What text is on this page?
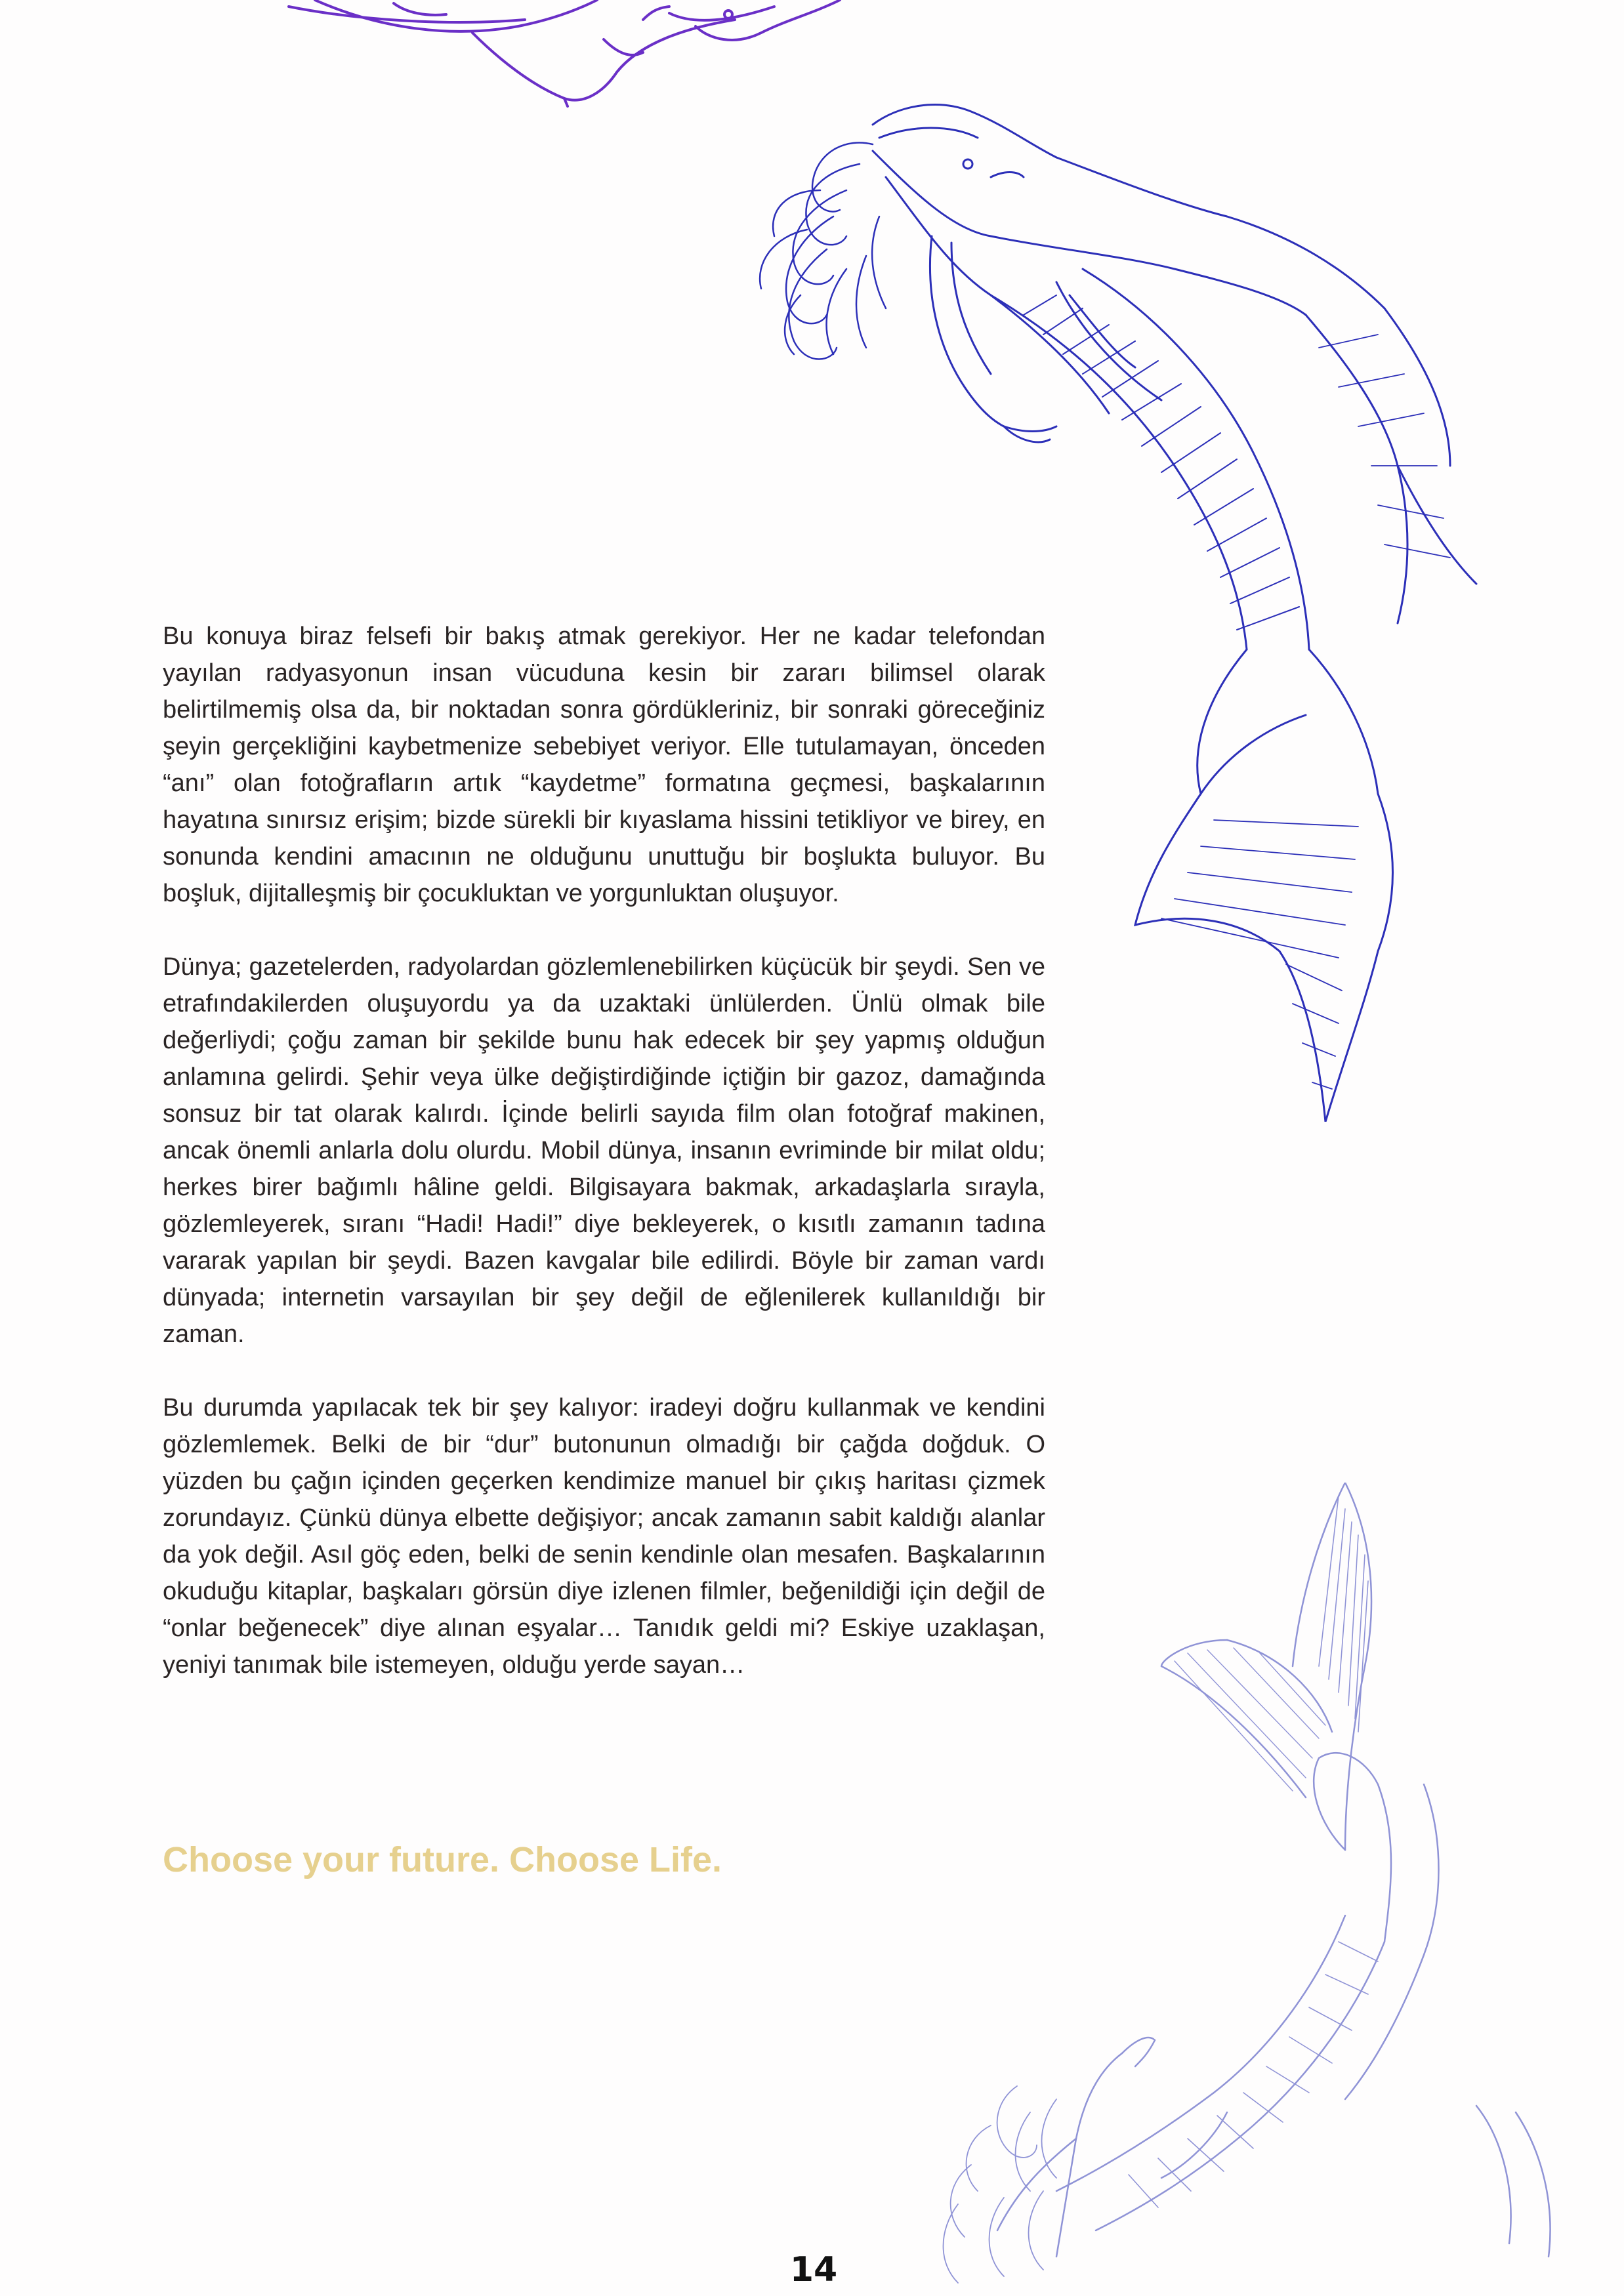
Bu konuya biraz felsefi bir bakış atmak gerekiyor. Her ne kadar telefondan yayılan radyasyonun insan vücuduna kesin bir zararı bilimsel olarak belirtilmemiş olsa da, bir noktadan sonra gördükleriniz, bir sonraki göreceğiniz şeyin gerçekliğini kaybetmenize sebebiyet veriyor. Elle tutulamayan, önceden “anı” olan fotoğrafların artık “kaydetme” formatına geçmesi, başkalarının hayatına sınırsız erişim; bizde sürekli bir kıyaslama hissini tetikliyor ve birey, en sonunda kendini amacının ne olduğunu unuttuğu bir boşlukta buluyor. Bu boşluk, dijitalleşmiş bir çocukluktan ve yorgunluktan oluşuyor.

Dünya; gazetelerden, radyolardan gözlemlenebilirken küçücük bir şeydi. Sen ve etrafındakilerden oluşuyordu ya da uzaktaki ünlülerden. Ünlü olmak bile değerliydi; çoğu zaman bir şekilde bunu hak edecek bir şey yapmış olduğun anlamına gelirdi. Şehir veya ülke değiştirdiğinde içtiğin bir gazoz, damağında sonsuz bir tat olarak kalırdı. İçinde belirli sayıda film olan fotoğraf makinen, ancak önemli anlarla dolu olurdu. Mobil dünya, insanın evriminde bir milat oldu; herkes birer bağımlı hâline geldi. Bilgisayara bakmak, arkadaşlarla sırayla, gözlemleyerek, sıranı “Hadi! Hadi!” diye bekleyerek, o kısıtlı zamanın tadına vararak yapılan bir şeydi. Bazen kavgalar bile edilirdi. Böyle bir zaman vardı dünyada; internetin varsayılan bir şey değil de eğlenilerek kullanıldığı bir zaman.

Bu durumda yapılacak tek bir şey kalıyor: iradeyi doğru kullanmak ve kendini gözlemlemek. Belki de bir “dur” butonunun olmadığı bir çağda doğduk. O yüzden bu çağın içinden geçerken kendimize manuel bir çıkış haritası çizmek zorundayız. Çünkü dünya elbette değişiyor; ancak zamanın sabit kaldığı alanlar da yok değil. Asıl göç eden, belki de senin kendinle olan mesafen. Başkalarının okuduğu kitaplar, başkaları görsün diye izlenen filmler, beğenildiği için değil de “onlar beğenecek” diye alınan eşyalar… Tanıdık geldi mi? Eskiye uzaklaşan, yeniyi tanımak bile istemeyen, olduğu yerde sayan…

Choose your future. Choose Life.

14
